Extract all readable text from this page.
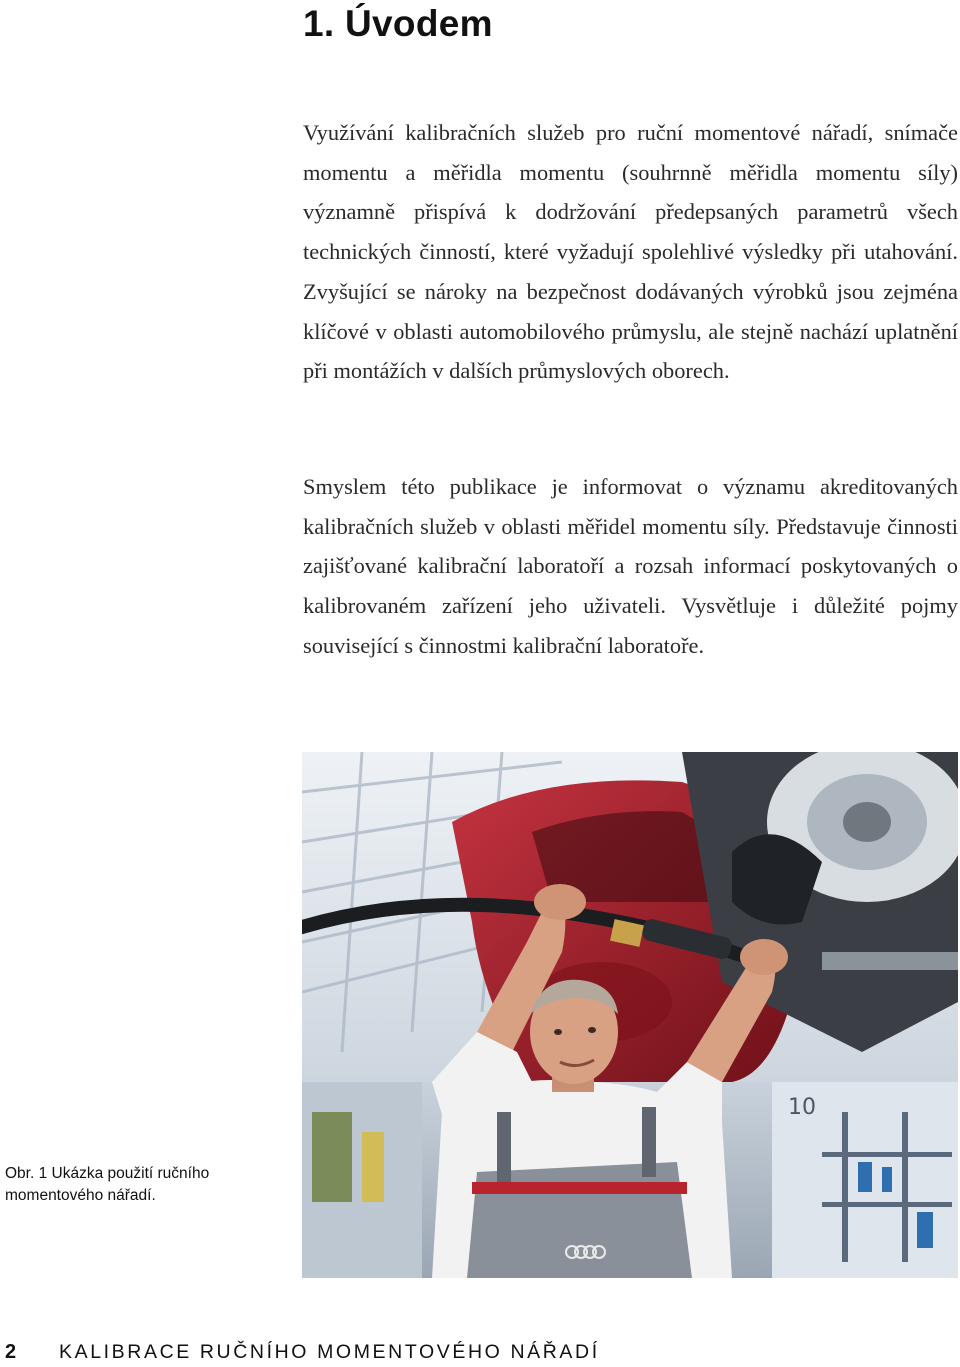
1. Úvodem

Využívání kalibračních služeb pro ruční momentové nářadí, snímače momentu a měřidla momentu (souhrnně měřidla momentu síly) významně přispívá k dodržování předepsaných parametrů všech technických činností, které vyžadují spolehlivé výsledky při utahování. Zvyšující se nároky na bezpečnost dodávaných výrobků jsou zejména klíčové v oblasti automobilového průmyslu, ale stejně nachází uplatnění při montážích v dalších průmyslových oborech.

Smyslem této publikace je informovat o významu akreditovaných kalibračních služeb v oblasti měřidel momentu síly. Představuje činnosti zajišťované kalibrační laboratoří a rozsah informací poskytovaných o kalibrovaném zařízení jeho uživateli. Vysvětluje i důležité pojmy související s činnostmi kalibrační laboratoře.

10
Obr. 1 Ukázka použití ručního momentového nářadí.
2	KALIBRACE RUČNÍHO MOMENTOVÉHO NÁŘADÍ
